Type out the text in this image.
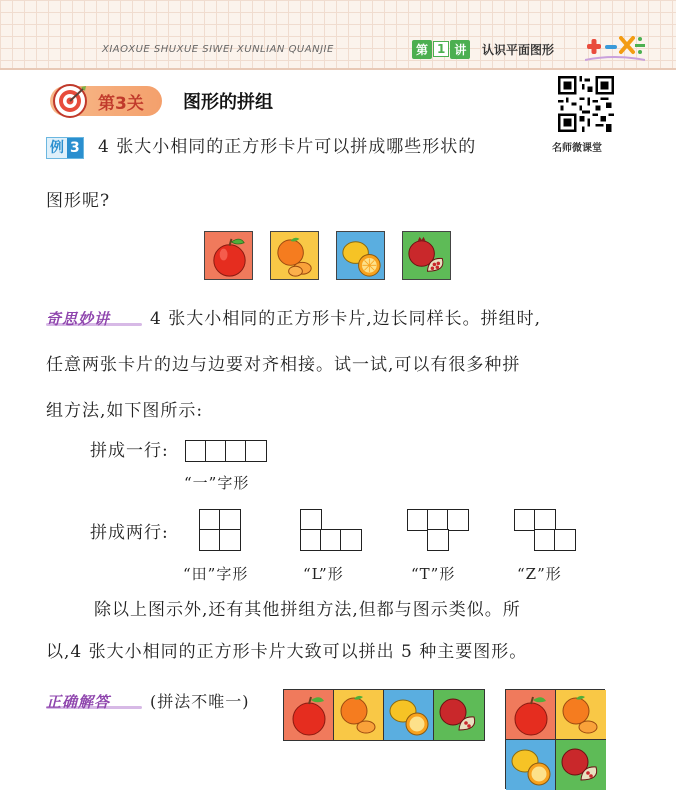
XIAOXUE SHUXUE SIWEI XUNLIAN QUANJIE	第 1 讲	认识平面图形
第3关 图形的拼组
名师微课堂
例 3 4 张大小相同的正方形卡片可以拼成哪些形状的
图形呢?
奇思妙讲 4 张大小相同的正方形卡片,边长同样长。拼组时,
任意两张卡片的边与边要对齐相接。试一试,可以有很多种拼
组方法,如下图所示:
拼成一行:
“一”字形
拼成两行:
“田”字形	“L”形	“T”形	“Z”形
除以上图示外,还有其他拼组方法,但都与图示类似。所
以,4 张大小相同的正方形卡片大致可以拼出 5 种主要图形。
正确解答 (拼法不唯一)
